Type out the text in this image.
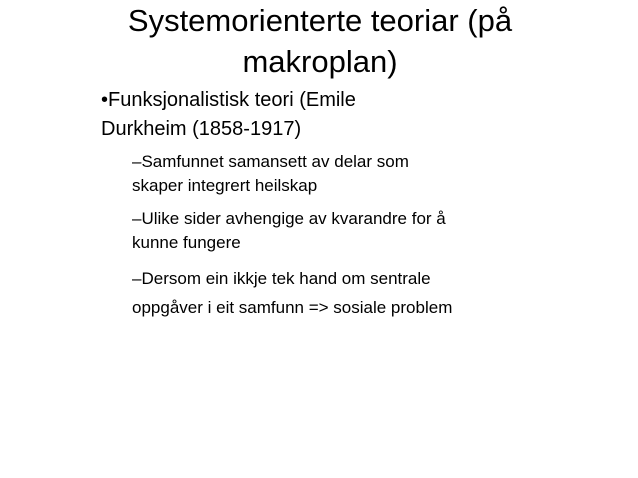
Systemorienterte teoriar (på
makroplan)
•Funksjonalistisk teori (Emile
Durkheim (1858-1917)
–Samfunnet samansett av delar som
skaper integrert heilskap
–Ulike sider avhengige av kvarandre for å
kunne fungere
–Dersom ein ikkje tek hand om sentrale
oppgåver i eit samfunn => sosiale problem
